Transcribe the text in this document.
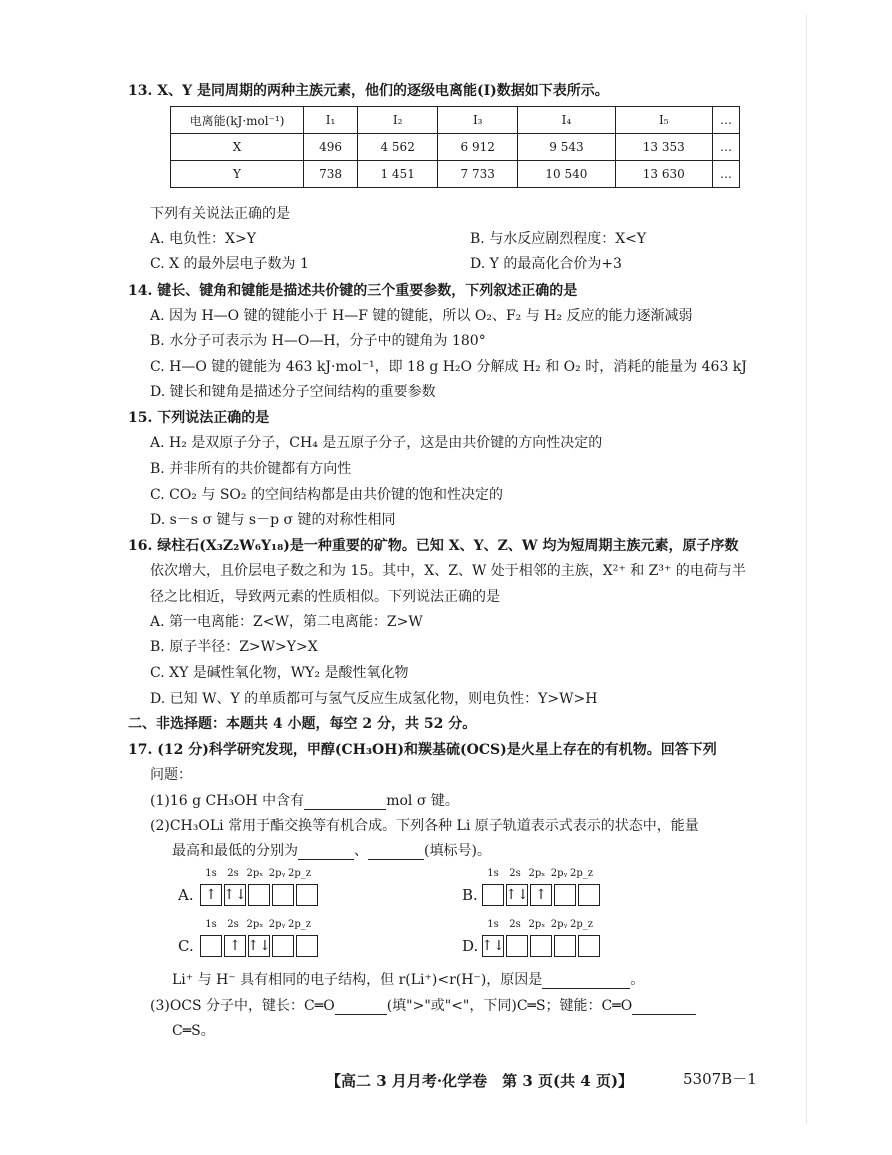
13. X、Y 是同周期的两种主族元素，他们的逐级电离能(I)数据如下表所示。
电离能(kJ·mol⁻¹)	I₁	I₂	I₃	I₄	I₅	…
X	496	4 562	6 912	9 543	13 353	…
Y	738	1 451	7 733	10 540	13 630	…
下列有关说法正确的是
A. 电负性：X>Y	B. 与水反应剧烈程度：X<Y
C. X 的最外层电子数为 1	D. Y 的最高化合价为+3
14. 键长、键角和键能是描述共价键的三个重要参数，下列叙述正确的是
A. 因为 H—O 键的键能小于 H—F 键的键能，所以 O₂、F₂ 与 H₂ 反应的能力逐渐减弱
B. 水分子可表示为 H—O—H，分子中的键角为 180°
C. H—O 键的键能为 463 kJ·mol⁻¹，即 18 g H₂O 分解成 H₂ 和 O₂ 时，消耗的能量为 463 kJ
D. 键长和键角是描述分子空间结构的重要参数
15. 下列说法正确的是
A. H₂ 是双原子分子，CH₄ 是五原子分子，这是由共价键的方向性决定的
B. 并非所有的共价键都有方向性
C. CO₂ 与 SO₂ 的空间结构都是由共价键的饱和性决定的
D. s－s σ 键与 s－p σ 键的对称性相同
16. 绿柱石(X₃Z₂W₆Y₁₈)是一种重要的矿物。已知 X、Y、Z、W 均为短周期主族元素，原子序数
依次增大，且价层电子数之和为 15。其中，X、Z、W 处于相邻的主族，X²⁺ 和 Z³⁺ 的电荷与半
径之比相近，导致两元素的性质相似。下列说法正确的是
A. 第一电离能：Z<W，第二电离能：Z>W
B. 原子半径：Z>W>Y>X
C. XY 是碱性氧化物，WY₂ 是酸性氧化物
D. 已知 W、Y 的单质都可与氢气反应生成氢化物，则电负性：Y>W>H
二、非选择题：本题共 4 小题，每空 2 分，共 52 分。
17. (12 分)科学研究发现，甲醇(CH₃OH)和羰基硫(OCS)是火星上存在的有机物。回答下列
问题：
(1)16 g CH₃OH 中含有	mol σ 键。
(2)CH₃OLi 常用于酯交换等有机合成。下列各种 Li 原子轨道表示式表示的状态中，能量
最高和最低的分别为	、	(填标号)。
A.
1s 2s 2pₓ 2pᵧ 2p_z
↑ ↑↓	B.
1s 2s 2pₓ 2pᵧ 2p_z
↑↓ ↑
C.
1s 2s 2pₓ 2pᵧ 2p_z
↑ ↑↓	D.
1s 2s 2pₓ 2pᵧ 2p_z
↑↓
Li⁺ 与 H⁻ 具有相同的电子结构，但 r(Li⁺)<r(H⁻)，原因是	。
(3)OCS 分子中，键长：C═O	(填">"或"<"，下同)C═S；键能：C═O
C═S。
【高二 3 月月考·化学卷　第 3 页(共 4 页)】	5307B－1
